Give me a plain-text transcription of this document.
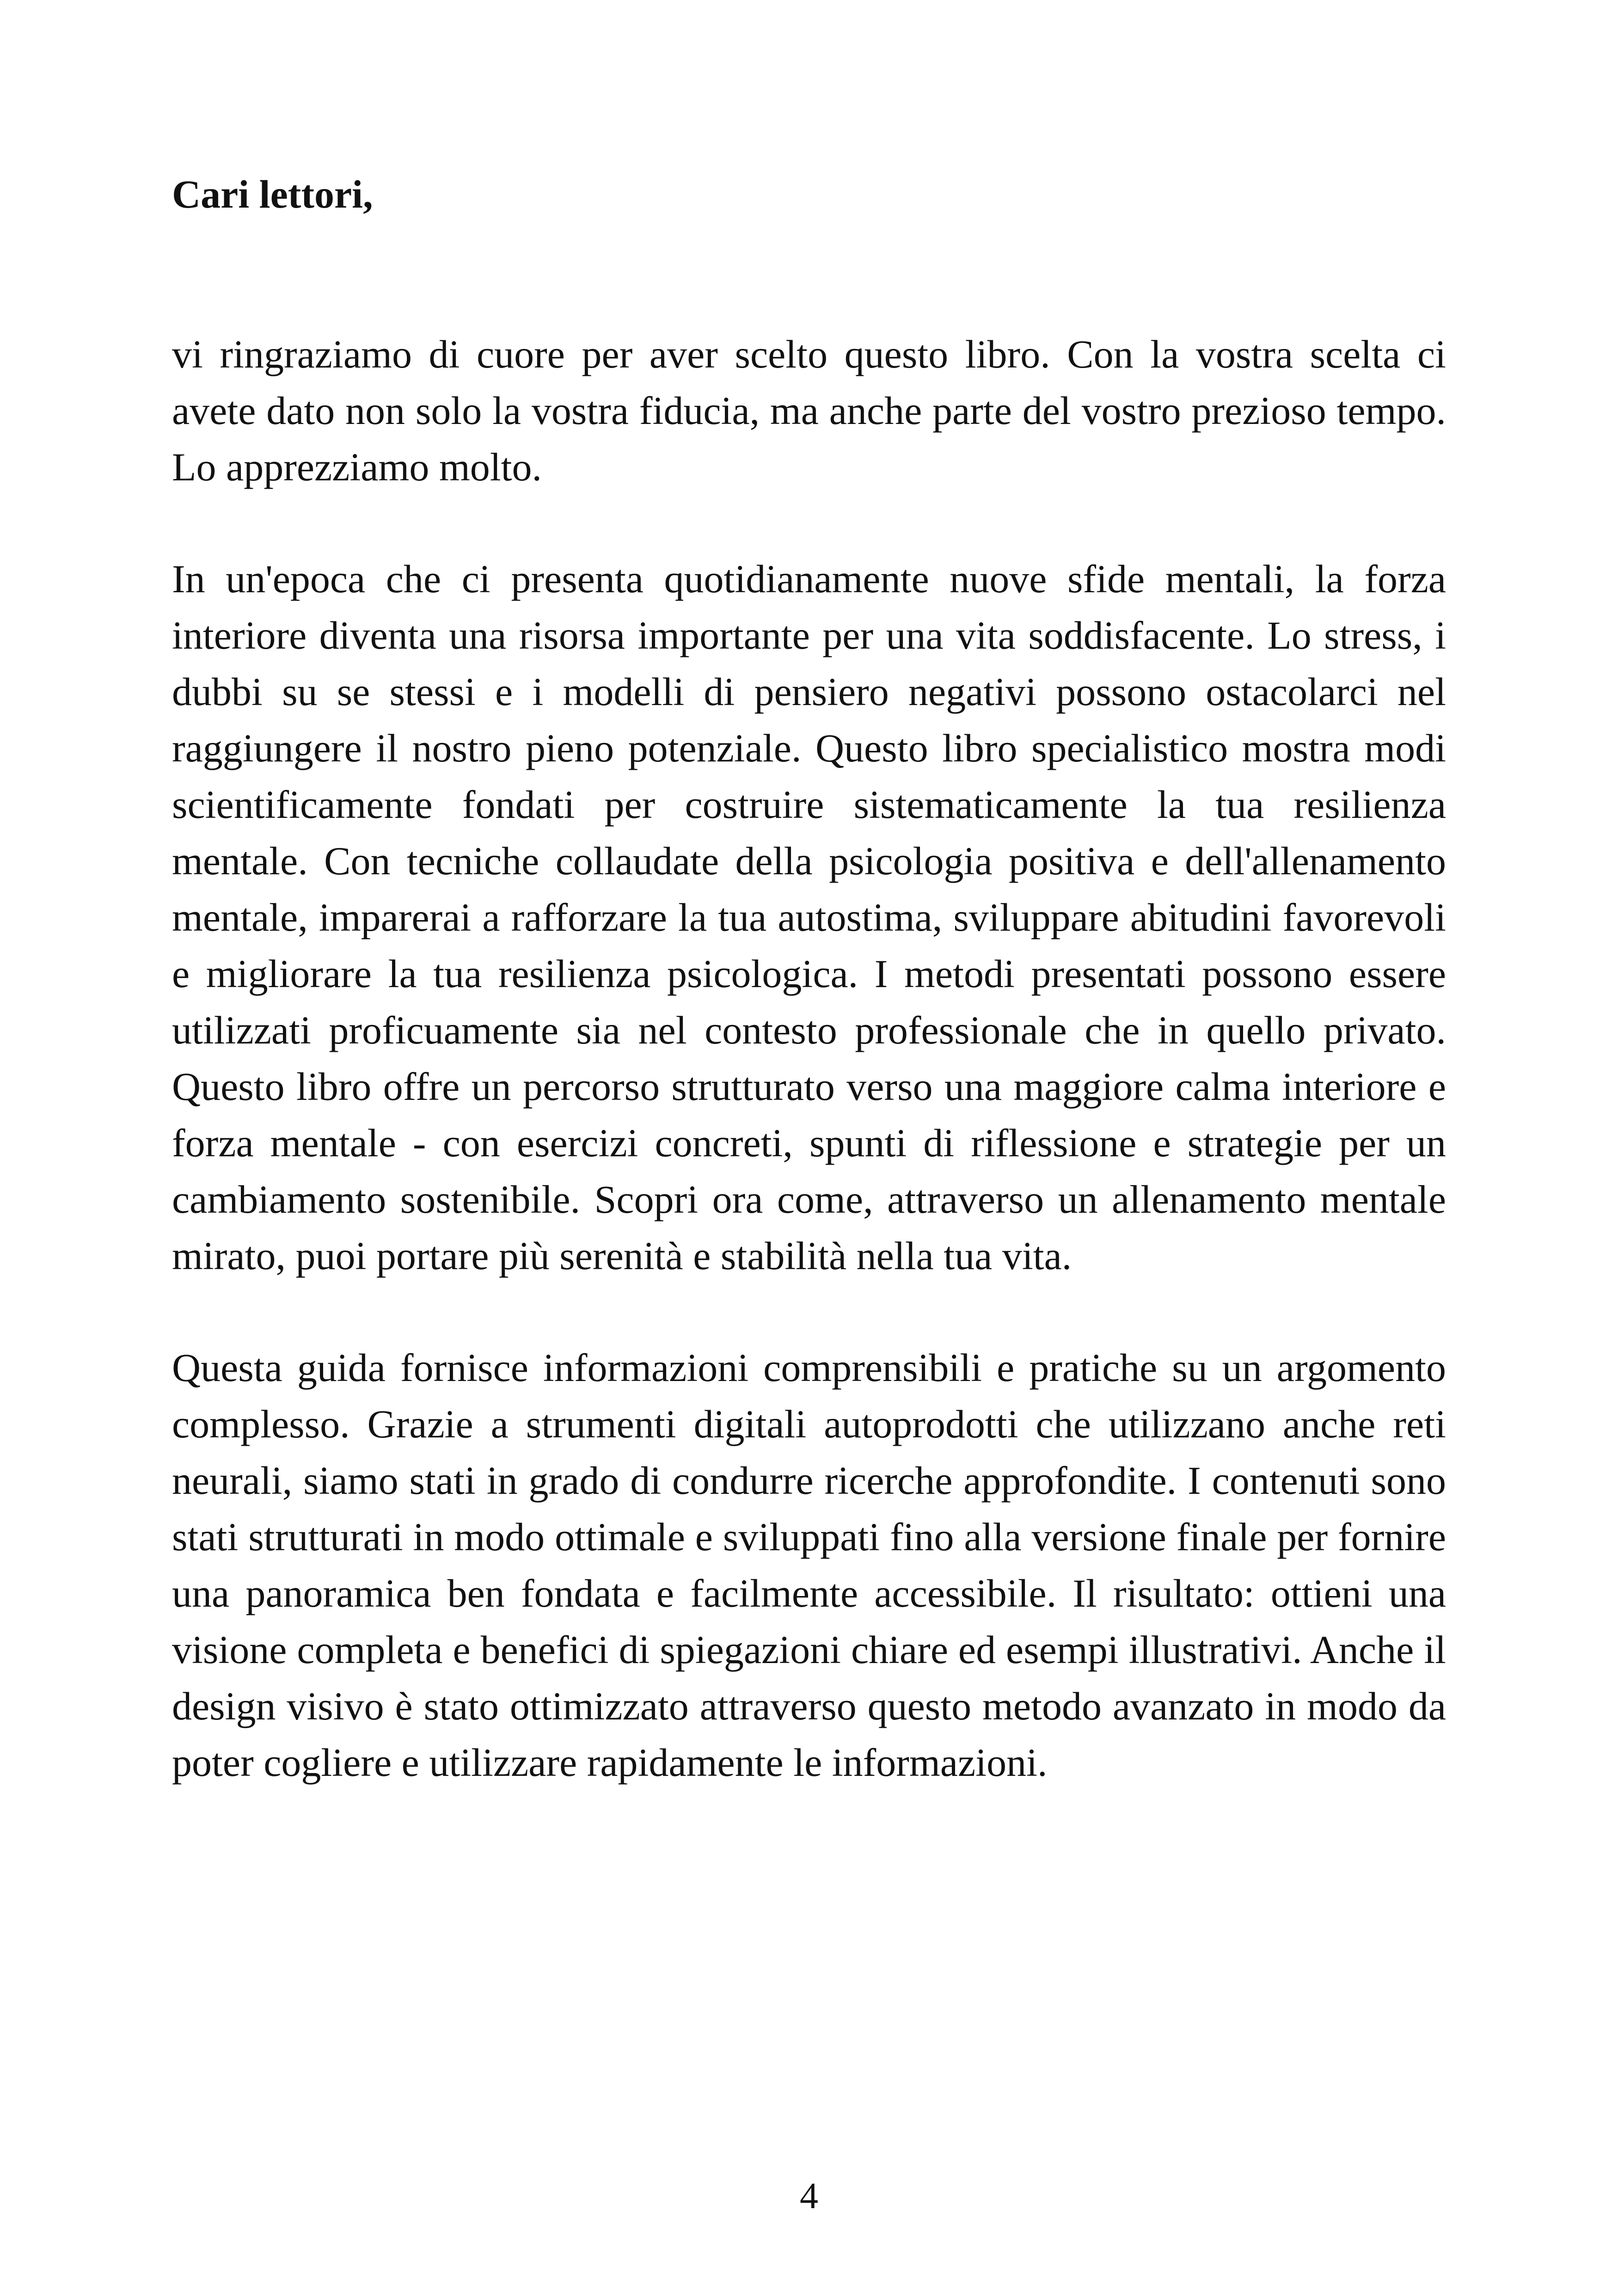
Cari lettori,

vi ringraziamo di cuore per aver scelto questo libro. Con la vostra scelta ci avete dato non solo la vostra fiducia, ma anche parte del vostro prezioso tempo. Lo apprezziamo molto.

In un'epoca che ci presenta quotidianamente nuove sfide mentali, la forza interiore diventa una risorsa importante per una vita soddisfacente. Lo stress, i dubbi su se stessi e i modelli di pensiero negativi possono ostacolarci nel raggiungere il nostro pieno potenziale. Questo libro specialistico mostra modi scientificamente fondati per costruire sistematicamente la tua resilienza mentale. Con tecniche collaudate della psicologia positiva e dell'allenamento mentale, imparerai a rafforzare la tua autostima, sviluppare abitudini favorevoli e migliorare la tua resilienza psicologica. I metodi presentati possono essere utilizzati proficuamente sia nel contesto professionale che in quello privato. Questo libro offre un percorso strutturato verso una maggiore calma interiore e forza mentale - con esercizi concreti, spunti di riflessione e strategie per un cambiamento sostenibile. Scopri ora come, attraverso un allenamento mentale mirato, puoi portare più serenità e stabilità nella tua vita.

Questa guida fornisce informazioni comprensibili e pratiche su un argomento complesso. Grazie a strumenti digitali autoprodotti che utilizzano anche reti neurali, siamo stati in grado di condurre ricerche approfondite. I contenuti sono stati strutturati in modo ottimale e sviluppati fino alla versione finale per fornire una panoramica ben fondata e facilmente accessibile. Il risultato: ottieni una visione completa e benefici di spiegazioni chiare ed esempi illustrativi. Anche il design visivo è stato ottimizzato attraverso questo metodo avanzato in modo da poter cogliere e utilizzare rapidamente le informazioni.

4
